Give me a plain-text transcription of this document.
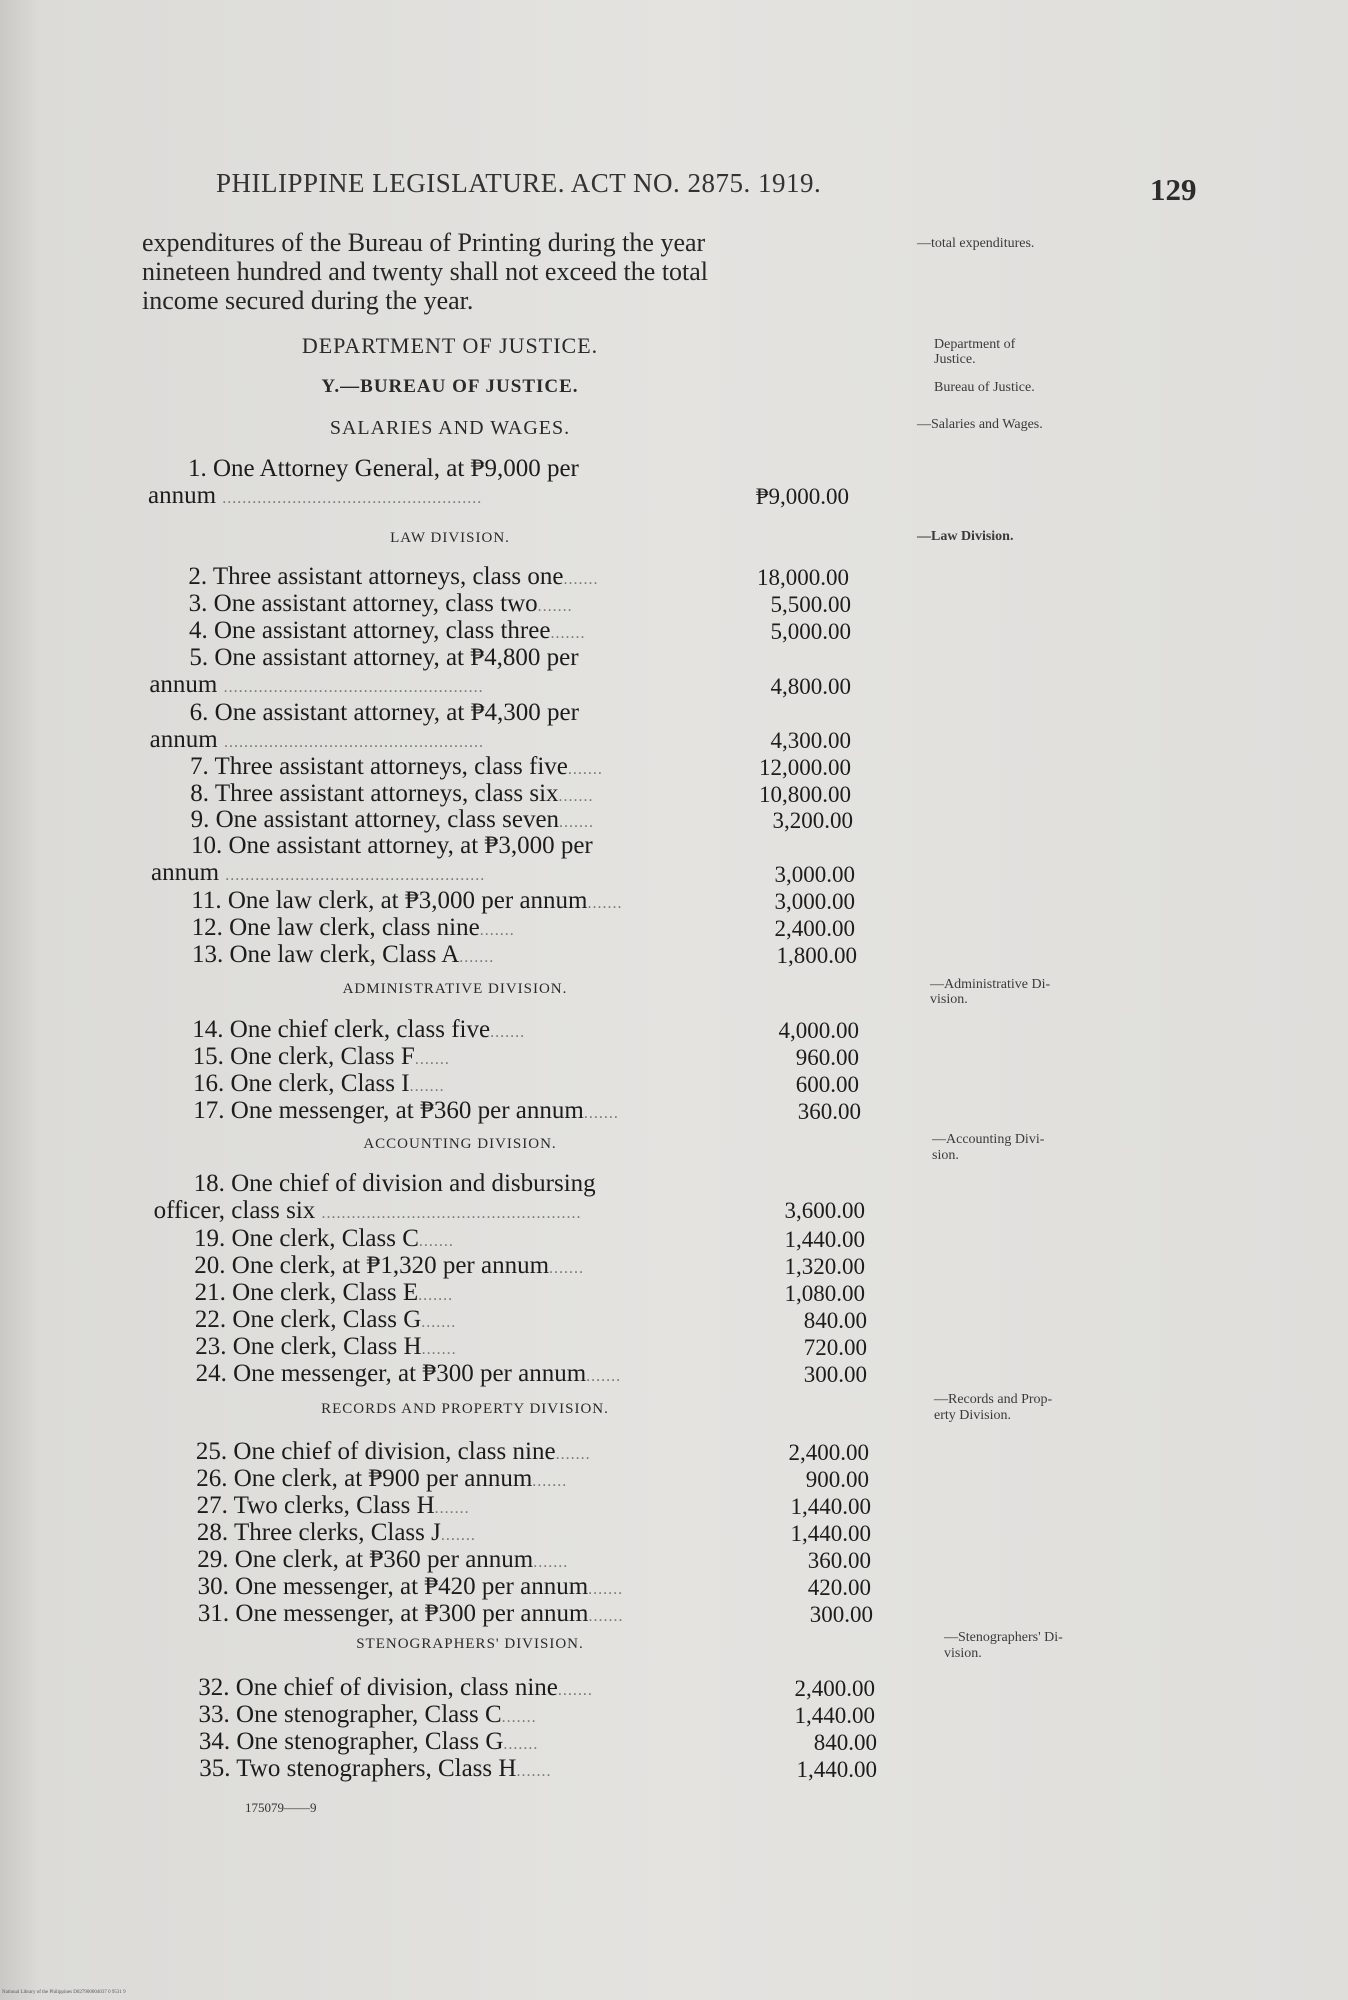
PHILIPPINE LEGISLATURE. ACT NO. 2875. 1919.	129
expenditures of the Bureau of Printing during the year
nineteen hundred and twenty shall not exceed the total
income secured during the year.
—total expenditures.
Department of
Justice.
Bureau of Justice.
—Salaries and Wages.
—Law Division.
—Administrative Di-
vision.
—Accounting Divi-
sion.
—Records and Prop-
erty Division.
—Stenographers' Di-
vision.
DEPARTMENT OF JUSTICE.
Y.—BUREAU OF JUSTICE.
SALARIES AND WAGES.
LAW DIVISION.
ADMINISTRATIVE DIVISION.
ACCOUNTING DIVISION.
RECORDS AND PROPERTY DIVISION.
STENOGRAPHERS' DIVISION.
1. One Attorney General, at ₱9,000 per
annum ....................................................	₱9,000.00
2. Three assistant attorneys, class one.......	18,000.00
3. One assistant attorney, class two.......	5,500.00
4. One assistant attorney, class three.......	5,000.00
5. One assistant attorney, at ₱4,800 per
annum ....................................................	4,800.00
6. One assistant attorney, at ₱4,300 per
annum ....................................................	4,300.00
7. Three assistant attorneys, class five.......	12,000.00
8. Three assistant attorneys, class six.......	10,800.00
9. One assistant attorney, class seven.......	3,200.00
10. One assistant attorney, at ₱3,000 per
annum ....................................................	3,000.00
11. One law clerk, at ₱3,000 per annum.......	3,000.00
12. One law clerk, class nine.......	2,400.00
13. One law clerk, Class A.......	1,800.00
14. One chief clerk, class five.......	4,000.00
15. One clerk, Class F.......	960.00
16. One clerk, Class I.......	600.00
17. One messenger, at ₱360 per annum.......	360.00
18. One chief of division and disbursing
officer, class six ....................................................	3,600.00
19. One clerk, Class C.......	1,440.00
20. One clerk, at ₱1,320 per annum.......	1,320.00
21. One clerk, Class E.......	1,080.00
22. One clerk, Class G.......	840.00
23. One clerk, Class H.......	720.00
24. One messenger, at ₱300 per annum.......	300.00
25. One chief of division, class nine.......	2,400.00
26. One clerk, at ₱900 per annum.......	900.00
27. Two clerks, Class H.......	1,440.00
28. Three clerks, Class J.......	1,440.00
29. One clerk, at ₱360 per annum.......	360.00
30. One messenger, at ₱420 per annum.......	420.00
31. One messenger, at ₱300 per annum.......	300.00
32. One chief of division, class nine.......	2,400.00
33. One stenographer, Class C.......	1,440.00
34. One stenographer, Class G.......	840.00
35. Two stenographers, Class H.......	1,440.00
175079——9
National Library of the Philippines D027900004037 0 9531 9
